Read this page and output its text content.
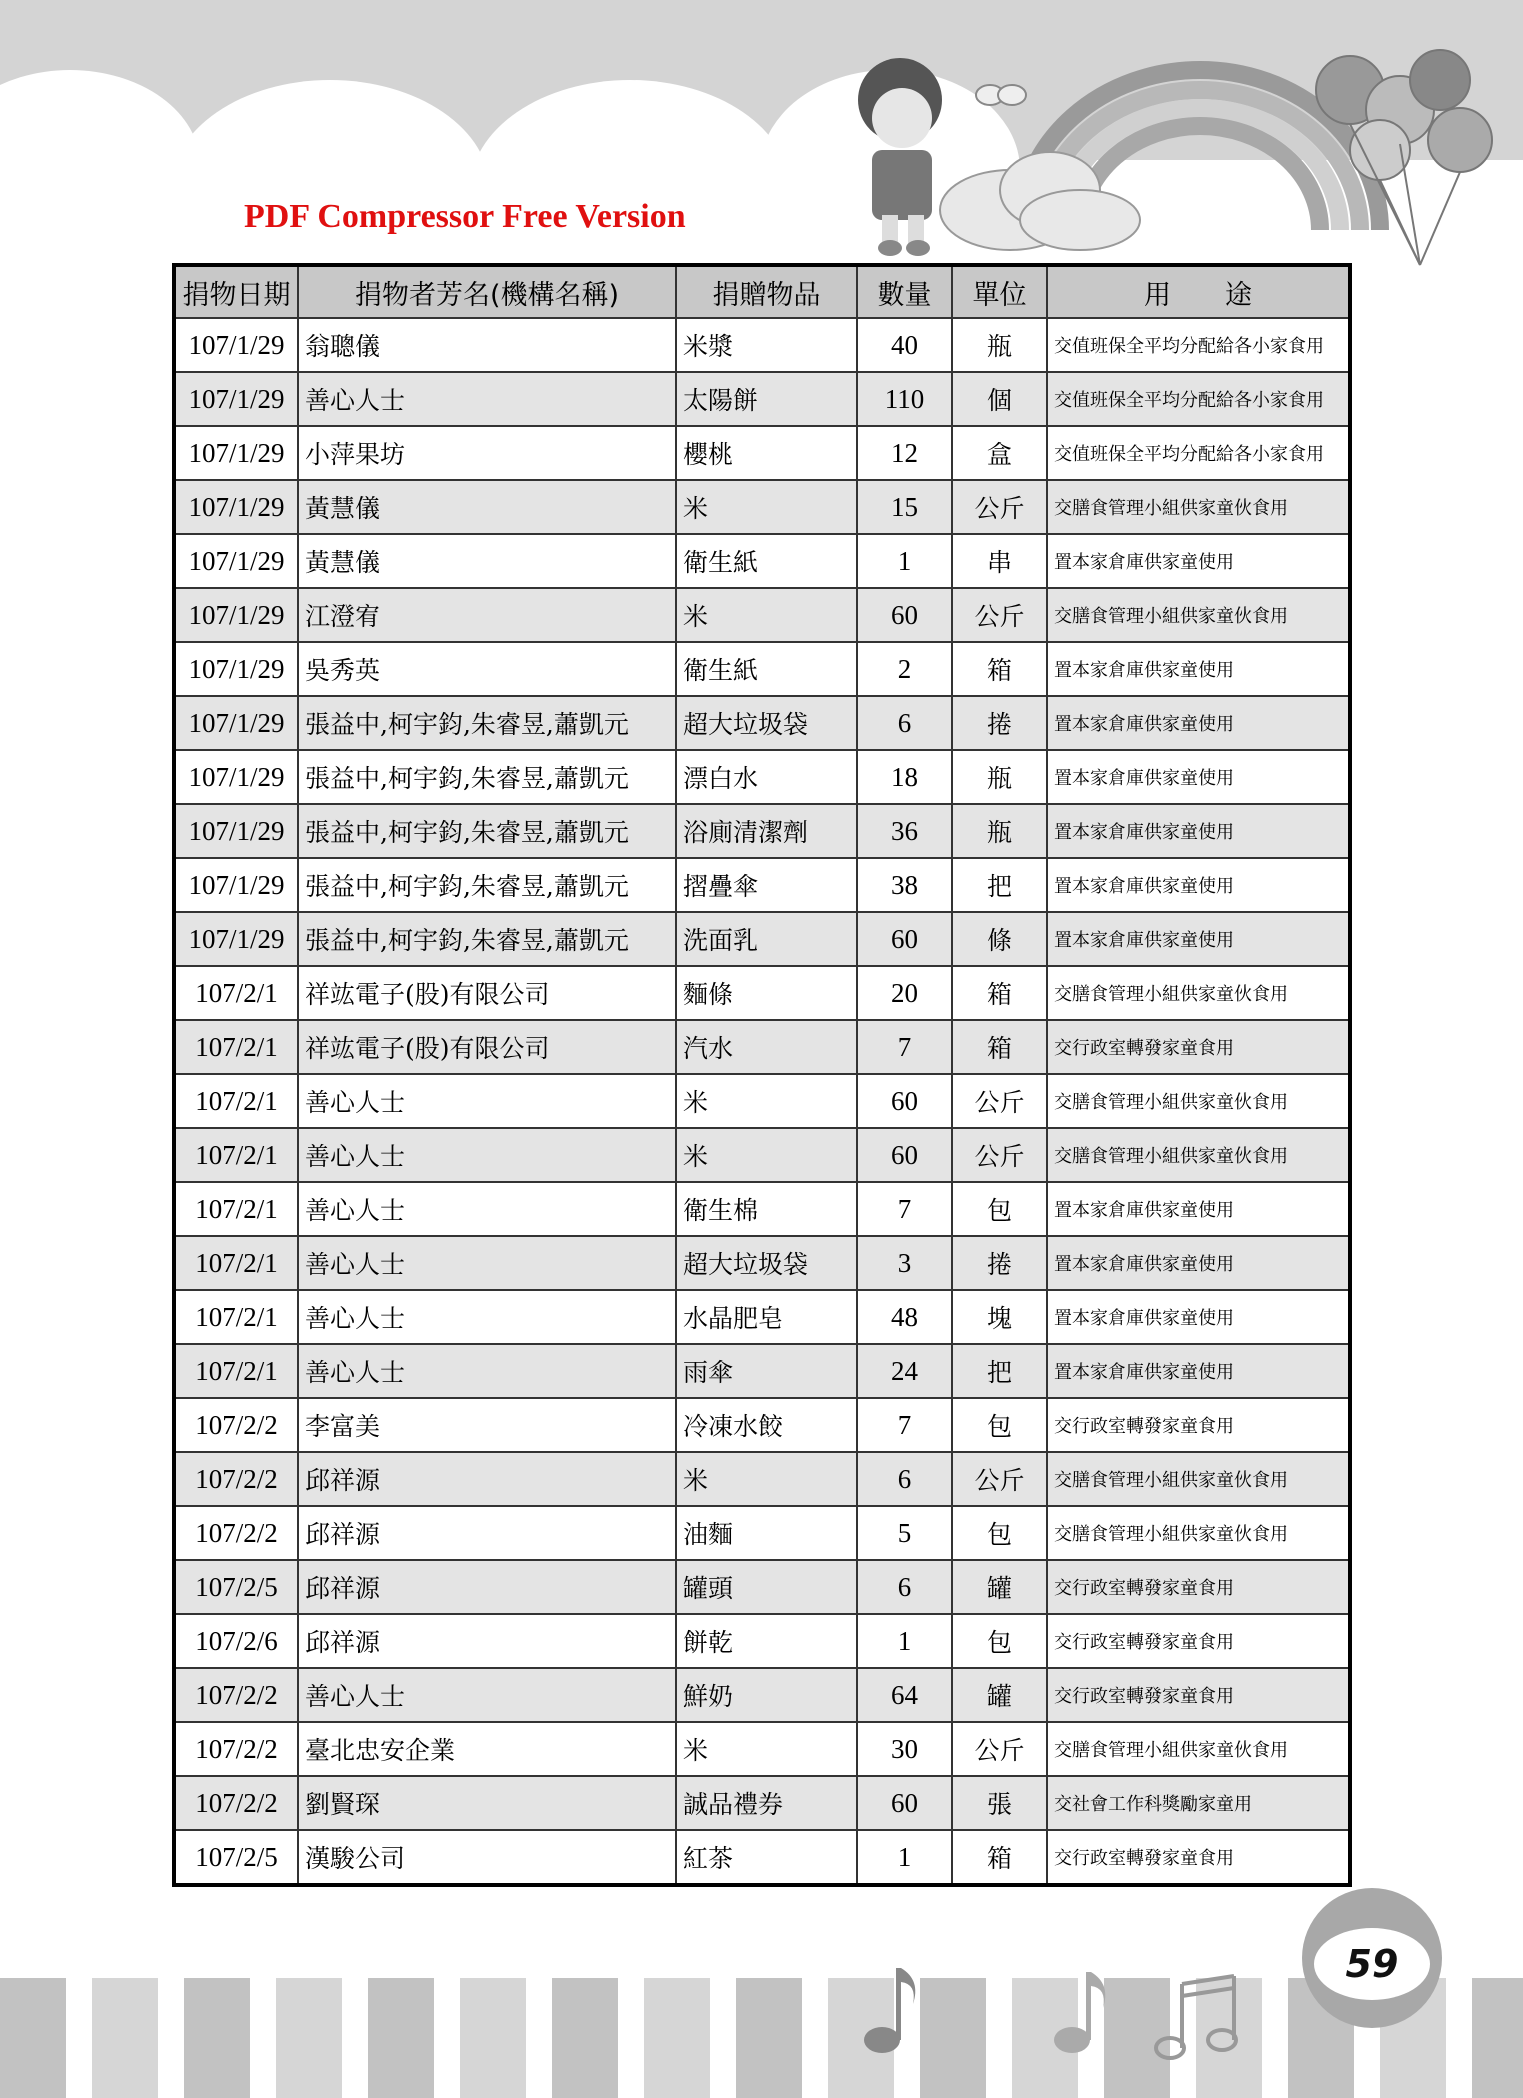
PDF Compressor Free Version
捐物日期	捐物者芳名(機構名稱)	捐贈物品	數量	單位	用　　途
107/1/29	翁聰儀	米漿	40	瓶	交值班保全平均分配給各小家食用
107/1/29	善心人士	太陽餅	110	個	交值班保全平均分配給各小家食用
107/1/29	小萍果坊	櫻桃	12	盒	交值班保全平均分配給各小家食用
107/1/29	黃慧儀	米	15	公斤	交膳食管理小組供家童伙食用
107/1/29	黃慧儀	衛生紙	1	串	置本家倉庫供家童使用
107/1/29	江澄宥	米	60	公斤	交膳食管理小組供家童伙食用
107/1/29	吳秀英	衛生紙	2	箱	置本家倉庫供家童使用
107/1/29	張益中,柯宇鈞,朱睿昱,蕭凱元	超大垃圾袋	6	捲	置本家倉庫供家童使用
107/1/29	張益中,柯宇鈞,朱睿昱,蕭凱元	漂白水	18	瓶	置本家倉庫供家童使用
107/1/29	張益中,柯宇鈞,朱睿昱,蕭凱元	浴廁清潔劑	36	瓶	置本家倉庫供家童使用
107/1/29	張益中,柯宇鈞,朱睿昱,蕭凱元	摺疊傘	38	把	置本家倉庫供家童使用
107/1/29	張益中,柯宇鈞,朱睿昱,蕭凱元	洗面乳	60	條	置本家倉庫供家童使用
107/2/1	祥竑電子(股)有限公司	麵條	20	箱	交膳食管理小組供家童伙食用
107/2/1	祥竑電子(股)有限公司	汽水	7	箱	交行政室轉發家童食用
107/2/1	善心人士	米	60	公斤	交膳食管理小組供家童伙食用
107/2/1	善心人士	米	60	公斤	交膳食管理小組供家童伙食用
107/2/1	善心人士	衛生棉	7	包	置本家倉庫供家童使用
107/2/1	善心人士	超大垃圾袋	3	捲	置本家倉庫供家童使用
107/2/1	善心人士	水晶肥皂	48	塊	置本家倉庫供家童使用
107/2/1	善心人士	雨傘	24	把	置本家倉庫供家童使用
107/2/2	李富美	冷凍水餃	7	包	交行政室轉發家童食用
107/2/2	邱祥源	米	6	公斤	交膳食管理小組供家童伙食用
107/2/2	邱祥源	油麵	5	包	交膳食管理小組供家童伙食用
107/2/5	邱祥源	罐頭	6	罐	交行政室轉發家童食用
107/2/6	邱祥源	餅乾	1	包	交行政室轉發家童食用
107/2/2	善心人士	鮮奶	64	罐	交行政室轉發家童食用
107/2/2	臺北忠安企業	米	30	公斤	交膳食管理小組供家童伙食用
107/2/2	劉賢琛	誠品禮券	60	張	交社會工作科獎勵家童用
107/2/5	漢駿公司	紅茶	1	箱	交行政室轉發家童食用
59
